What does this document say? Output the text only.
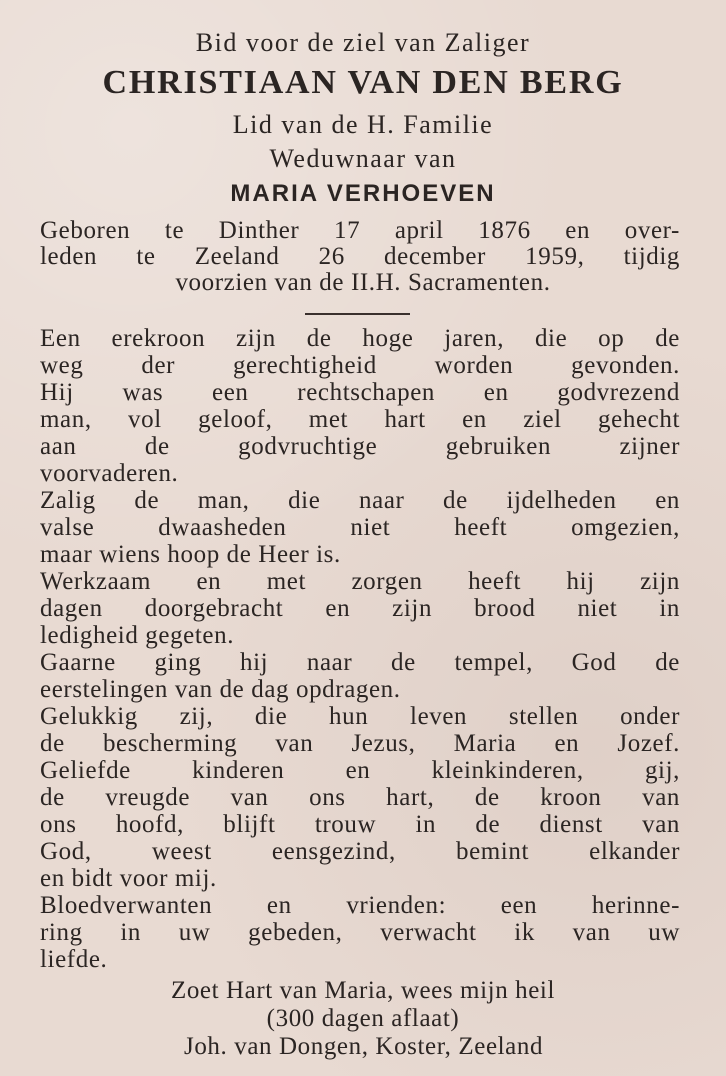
Bid voor de ziel van Zaliger
CHRISTIAAN VAN DEN BERG
Lid van de H. Familie
Weduwnaar van
MARIA VERHOEVEN
Geboren te Dinther 17 april 1876 en over-
leden te Zeeland 26 december 1959, tijdig
voorzien van de II.H. Sacramenten.
Een erekroon zijn de hoge jaren, die op de
weg der gerechtigheid worden gevonden.
Hij was een rechtschapen en godvrezend
man, vol geloof, met hart en ziel gehecht
aan de godvruchtige gebruiken zijner
voorvaderen.
Zalig de man, die naar de ijdelheden en
valse dwaasheden niet heeft omgezien,
maar wiens hoop de Heer is.
Werkzaam en met zorgen heeft hij zijn
dagen doorgebracht en zijn brood niet in
ledigheid gegeten.
Gaarne ging hij naar de tempel, God de
eerstelingen van de dag opdragen.
Gelukkig zij, die hun leven stellen onder
de bescherming van Jezus, Maria en Jozef.
Geliefde kinderen en kleinkinderen, gij,
de vreugde van ons hart, de kroon van
ons hoofd, blijft trouw in de dienst van
God, weest eensgezind, bemint elkander
en bidt voor mij.
Bloedverwanten en vrienden: een herinne-
ring in uw gebeden, verwacht ik van uw
liefde.
Zoet Hart van Maria, wees mijn heil
(300 dagen aflaat)
Joh. van Dongen, Koster, Zeeland
